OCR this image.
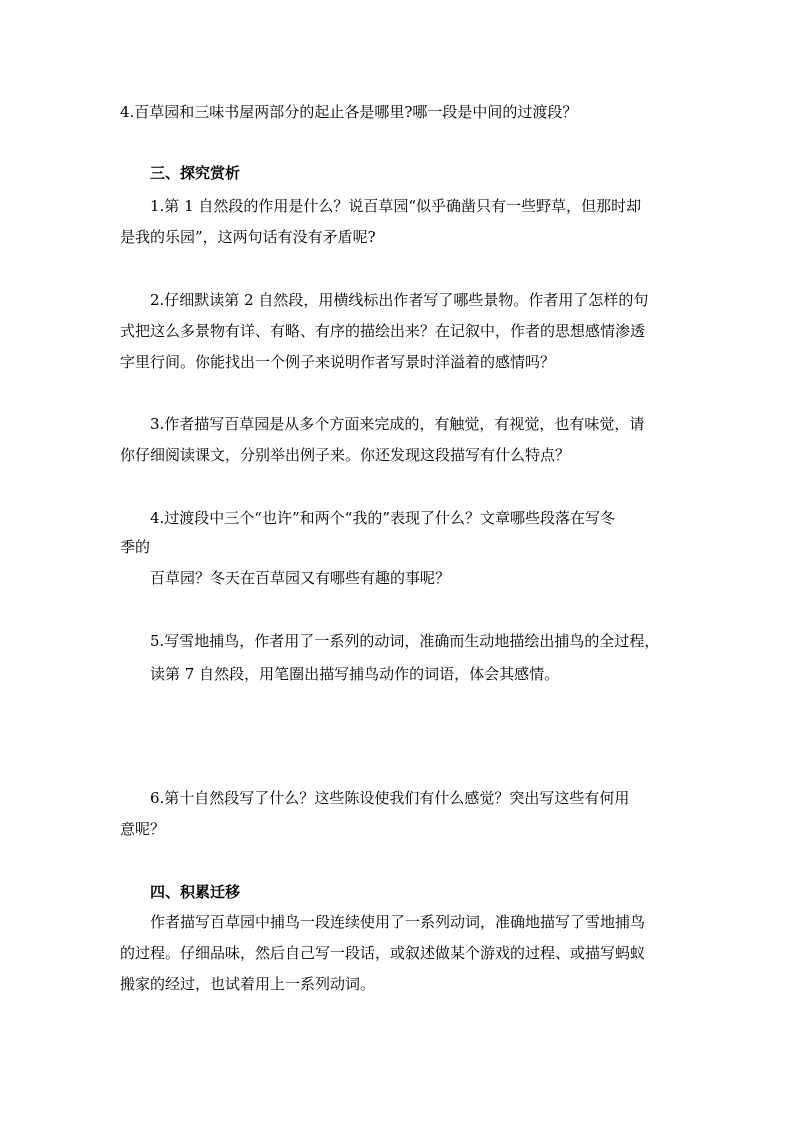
4.百草园和三味书屋两部分的起止各是哪里?哪一段是中间的过渡段？
三、探究赏析
1.第 1 自然段的作用是什么？说百草园“似乎确凿只有一些野草，但那时却
是我的乐园”，这两句话有没有矛盾呢?
2.仔细默读第 2 自然段，用横线标出作者写了哪些景物。作者用了怎样的句
式把这么多景物有详、有略、有序的描绘出来？在记叙中，作者的思想感情渗透
字里行间。你能找出一个例子来说明作者写景时洋溢着的感情吗？
3.作者描写百草园是从多个方面来完成的，有触觉，有视觉，也有味觉，请
你仔细阅读课文，分别举出例子来。你还发现这段描写有什么特点？
4.过渡段中三个“也许”和两个“我的”表现了什么？文章哪些段落在写冬
季的
百草园？冬天在百草园又有哪些有趣的事呢？
5.写雪地捕鸟，作者用了一系列的动词，准确而生动地描绘出捕鸟的全过程，
读第 7 自然段，用笔圈出描写捕鸟动作的词语，体会其感情。
6.第十自然段写了什么？这些陈设使我们有什么感觉？突出写这些有何用
意呢？
四、积累迁移
作者描写百草园中捕鸟一段连续使用了一系列动词，准确地描写了雪地捕鸟
的过程。仔细品味，然后自己写一段话，或叙述做某个游戏的过程、或描写蚂蚁
搬家的经过，也试着用上一系列动词。
